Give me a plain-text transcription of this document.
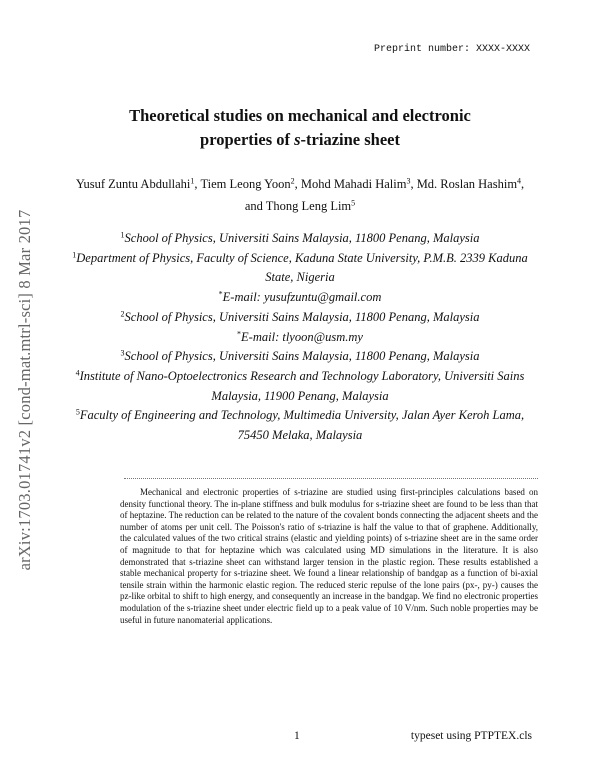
arXiv:1703.01741v2 [cond-mat.mtrl-sci] 8 Mar 2017
Preprint number: XXXX-XXXX
Theoretical studies on mechanical and electronic
properties of s-triazine sheet
Yusuf Zuntu Abdullahi$^1$, Tiem Leong Yoon$^2$, Mohd Mahadi Halim$^3$, Md. Roslan Hashim$^4$, and Thong Leng Lim$^5$
$^1$School of Physics, Universiti Sains Malaysia, 11800 Penang, Malaysia
$^1$Department of Physics, Faculty of Science, Kaduna State University, P.M.B. 2339 Kaduna State, Nigeria
*E-mail: yusufzuntu@gmail.com
$^2$School of Physics, Universiti Sains Malaysia, 11800 Penang, Malaysia
*E-mail: tlyoon@usm.my
$^3$School of Physics, Universiti Sains Malaysia, 11800 Penang, Malaysia
$^4$Institute of Nano-Optoelectronics Research and Technology Laboratory, Universiti Sains Malaysia, 11900 Penang, Malaysia
$^5$Faculty of Engineering and Technology, Multimedia University, Jalan Ayer Keroh Lama, 75450 Melaka, Malaysia
Mechanical and electronic properties of s-triazine are studied using first-principles calculations based on density functional theory. The in-plane stiffness and bulk modulus for s-triazine sheet are found to be less than that of heptazine. The reduction can be related to the nature of the covalent bonds connecting the adjacent sheets and the number of atoms per unit cell. The Poisson's ratio of s-triazine is half the value to that of graphene. Additionally, the calculated values of the two critical strains (elastic and yielding points) of s-triazine sheet are in the same order of magnitude to that for heptazine which was calculated using MD simulations in the literature. It is also demonstrated that s-triazine sheet can withstand larger tension in the plastic region. These results established a stable mechanical property for s-triazine sheet. We found a linear relationship of bandgap as a function of bi-axial tensile strain within the harmonic elastic region. The reduced steric repulse of the lone pairs (px-, py-) causes the pz-like orbital to shift to high energy, and consequently an increase in the bandgap. We find no electronic properties modulation of the s-triazine sheet under electric field up to a peak value of 10 V/nm. Such noble properties may be useful in future nanomaterial applications.
1	typeset using PTPTEX.cls
